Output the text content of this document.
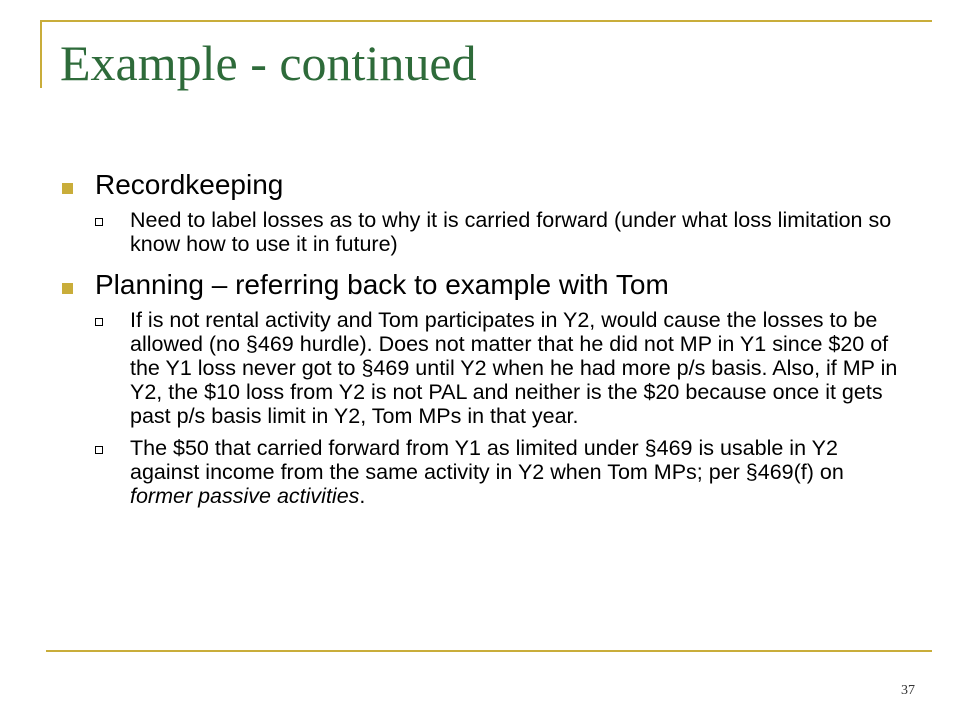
Example - continued
Recordkeeping
Need to label losses as to why it is carried forward (under what loss limitation so know how to use it in future)
Planning – referring back to example with Tom
If is not rental activity and Tom participates in Y2, would cause the losses to be allowed (no §469 hurdle). Does not matter that he did not MP in Y1 since $20 of the Y1 loss never got to §469 until Y2 when he had more p/s basis. Also, if MP in Y2, the $10 loss from Y2 is not PAL and neither is the $20 because once it gets past p/s basis limit in Y2, Tom MPs in that year.
The $50 that carried forward from Y1 as limited under §469 is usable in Y2 against income from the same activity in Y2 when Tom MPs; per §469(f) on former passive activities.
37
